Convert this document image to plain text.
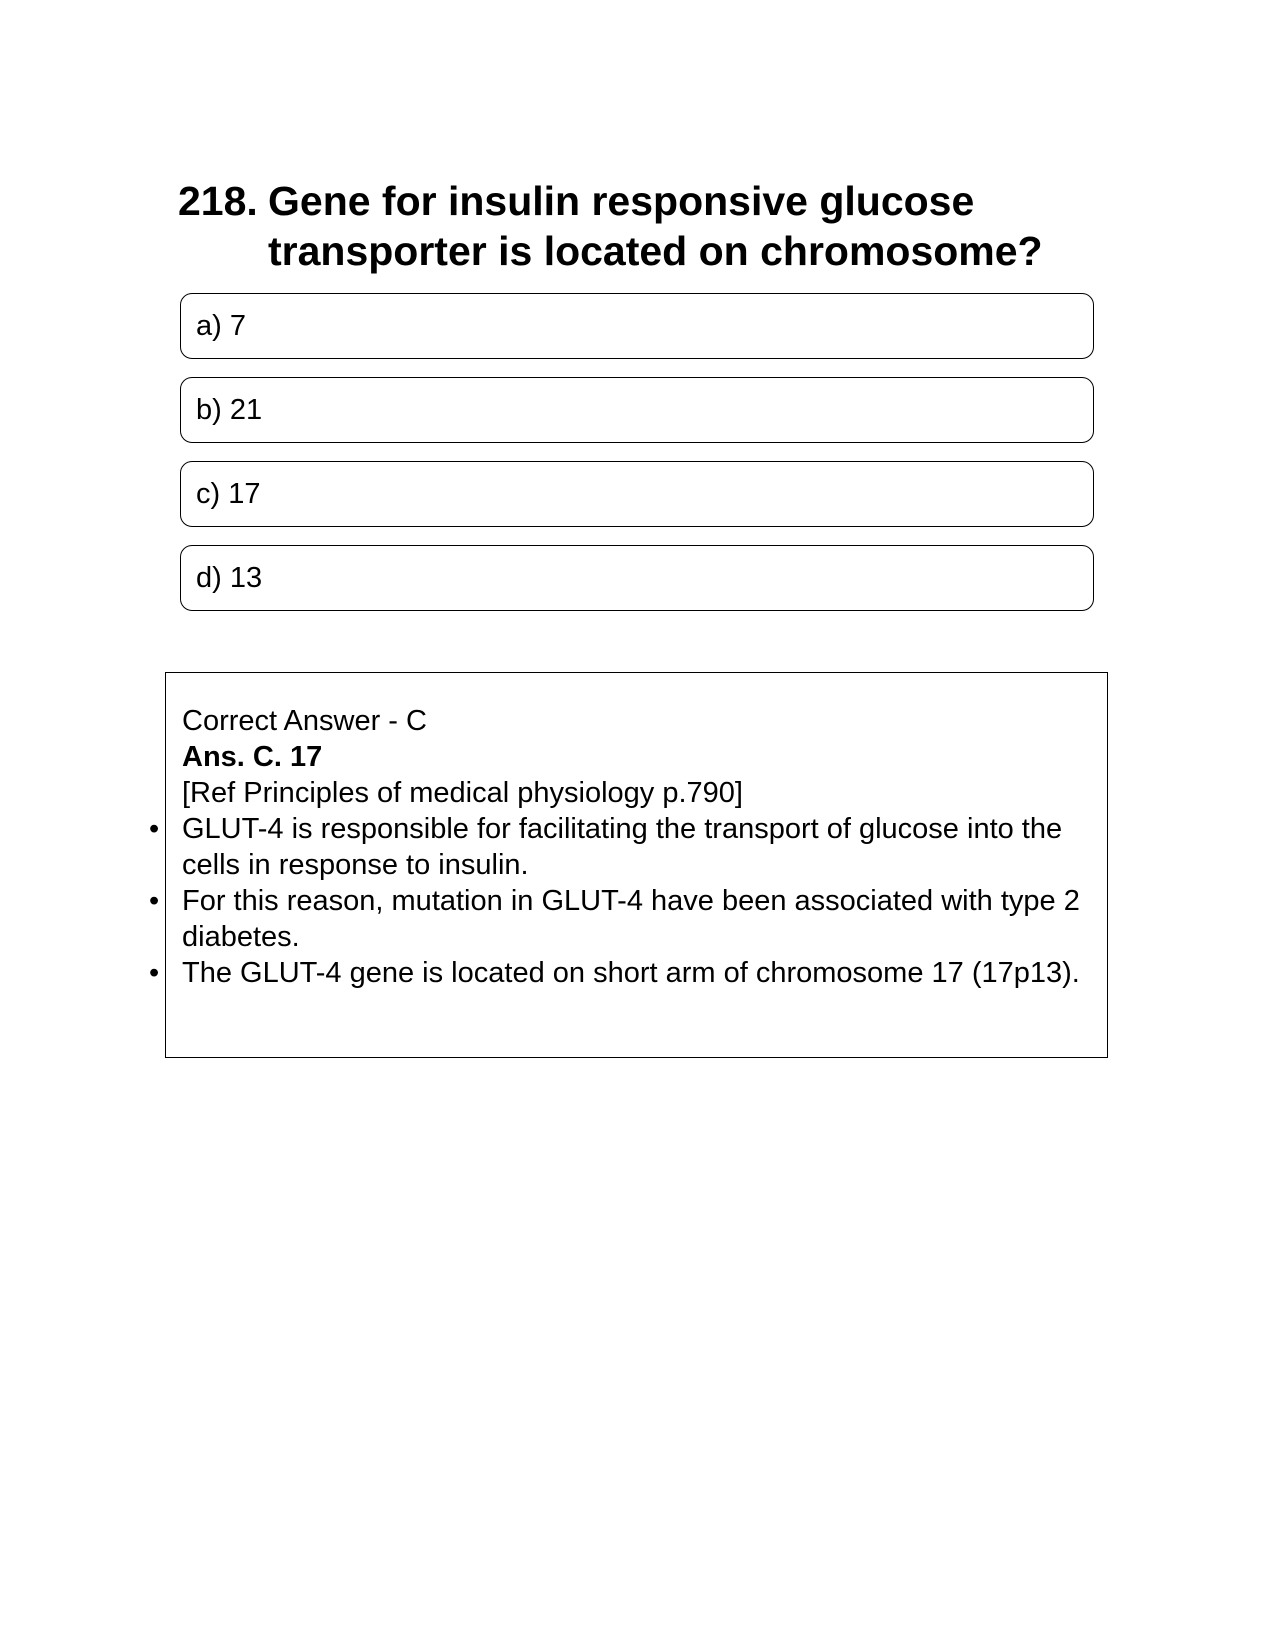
218. Gene for insulin responsive glucose transporter is located on chromosome?
a) 7
b) 21
c) 17
d) 13
Correct Answer - C
Ans. C. 17
[Ref Principles of medical physiology p.790]
• GLUT-4 is responsible for facilitating the transport of glucose into the cells in response to insulin.
• For this reason, mutation in GLUT-4 have been associated with type 2 diabetes.
• The GLUT-4 gene is located on short arm of chromosome 17 (17p13).
